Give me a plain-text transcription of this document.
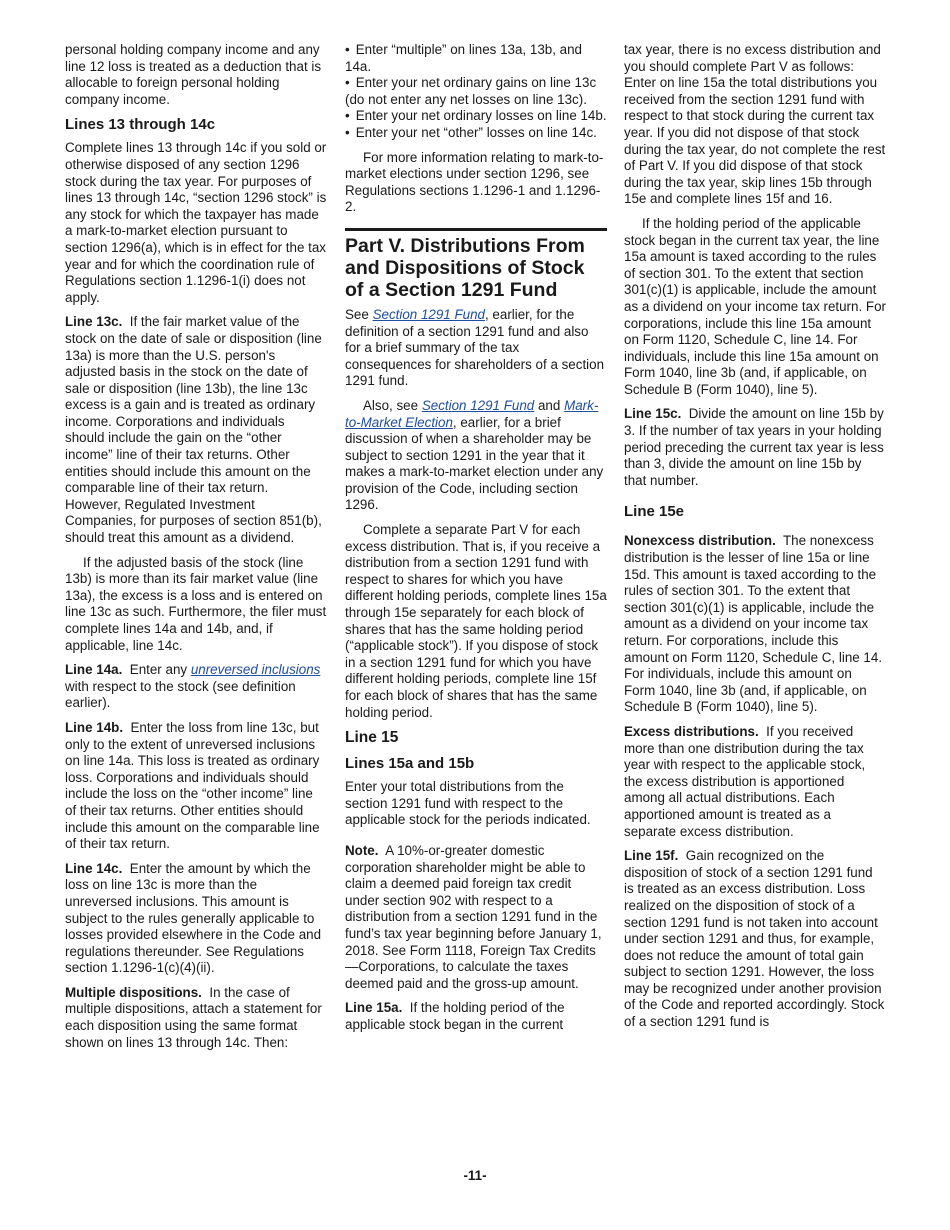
personal holding company income and any line 12 loss is treated as a deduction that is allocable to foreign personal holding company income.

Lines 13 through 14c

Complete lines 13 through 14c if you sold or otherwise disposed of any section 1296 stock during the tax year. For purposes of lines 13 through 14c, “section 1296 stock” is any stock for which the taxpayer has made a mark-to-market election pursuant to section 1296(a), which is in effect for the tax year and for which the coordination rule of Regulations section 1.1296-1(i) does not apply.

Line 13c. If the fair market value of the stock on the date of sale or disposition (line 13a) is more than the U.S. person's adjusted basis in the stock on the date of sale or disposition (line 13b), the line 13c excess is a gain and is treated as ordinary income. Corporations and individuals should include the gain on the “other income” line of their tax returns. Other entities should include this amount on the comparable line of their tax return. However, Regulated Investment Companies, for purposes of section 851(b), should treat this amount as a dividend.

If the adjusted basis of the stock (line 13b) is more than its fair market value (line 13a), the excess is a loss and is entered on line 13c as such. Furthermore, the filer must complete lines 14a and 14b, and, if applicable, line 14c.

Line 14a. Enter any unreversed inclusions with respect to the stock (see definition earlier).

Line 14b. Enter the loss from line 13c, but only to the extent of unreversed inclusions on line 14a. This loss is treated as ordinary loss. Corporations and individuals should include the loss on the “other income” line of their tax returns. Other entities should include this amount on the comparable line of their tax return.

Line 14c. Enter the amount by which the loss on line 13c is more than the unreversed inclusions. This amount is subject to the rules generally applicable to losses provided elsewhere in the Code and regulations thereunder. See Regulations section 1.1296-1(c)(4)(ii).

Multiple dispositions. In the case of multiple dispositions, attach a statement for each disposition using the same format shown on lines 13 through 14c. Then:

• Enter “multiple” on lines 13a, 13b, and 14a.
• Enter your net ordinary gains on line 13c (do not enter any net losses on line 13c).
• Enter your net ordinary losses on line 14b.
• Enter your net “other” losses on line 14c.

For more information relating to mark-to-market elections under section 1296, see Regulations sections 1.1296-1 and 1.1296-2.

Part V. Distributions From and Dispositions of Stock of a Section 1291 Fund

See Section 1291 Fund, earlier, for the definition of a section 1291 fund and also for a brief summary of the tax consequences for shareholders of a section 1291 fund.

Also, see Section 1291 Fund and Mark-to-Market Election, earlier, for a brief discussion of when a shareholder may be subject to section 1291 in the year that it makes a mark-to-market election under any provision of the Code, including section 1296.

Complete a separate Part V for each excess distribution. That is, if you receive a distribution from a section 1291 fund with respect to shares for which you have different holding periods, complete lines 15a through 15e separately for each block of shares that has the same holding period (“applicable stock”). If you dispose of stock in a section 1291 fund for which you have different holding periods, complete line 15f for each block of shares that has the same holding period.

Line 15
Lines 15a and 15b

Enter your total distributions from the section 1291 fund with respect to the applicable stock for the periods indicated.

Note. A 10%-or-greater domestic corporation shareholder might be able to claim a deemed paid foreign tax credit under section 902 with respect to a distribution from a section 1291 fund in the fund’s tax year beginning before January 1, 2018. See Form 1118, Foreign Tax Credits—Corporations, to calculate the taxes deemed paid and the gross-up amount.

Line 15a. If the holding period of the applicable stock began in the current

tax year, there is no excess distribution and you should complete Part V as follows: Enter on line 15a the total distributions you received from the section 1291 fund with respect to that stock during the current tax year. If you did not dispose of that stock during the tax year, do not complete the rest of Part V. If you did dispose of that stock during the tax year, skip lines 15b through 15e and complete lines 15f and 16.

If the holding period of the applicable stock began in the current tax year, the line 15a amount is taxed according to the rules of section 301. To the extent that section 301(c)(1) is applicable, include the amount as a dividend on your income tax return. For corporations, include this line 15a amount on Form 1120, Schedule C, line 14. For individuals, include this line 15a amount on Form 1040, line 3b (and, if applicable, on Schedule B (Form 1040), line 5).

Line 15c. Divide the amount on line 15b by 3. If the number of tax years in your holding period preceding the current tax year is less than 3, divide the amount on line 15b by that number.

Line 15e

Nonexcess distribution. The nonexcess distribution is the lesser of line 15a or line 15d. This amount is taxed according to the rules of section 301. To the extent that section 301(c)(1) is applicable, include the amount as a dividend on your income tax return. For corporations, include this amount on Form 1120, Schedule C, line 14. For individuals, include this amount on Form 1040, line 3b (and, if applicable, on Schedule B (Form 1040), line 5).

Excess distributions. If you received more than one distribution during the tax year with respect to the applicable stock, the excess distribution is apportioned among all actual distributions. Each apportioned amount is treated as a separate excess distribution.

Line 15f. Gain recognized on the disposition of stock of a section 1291 fund is treated as an excess distribution. Loss realized on the disposition of stock of a section 1291 fund is not taken into account under section 1291 and thus, for example, does not reduce the amount of total gain subject to section 1291. However, the loss may be recognized under another provision of the Code and reported accordingly. Stock of a section 1291 fund is

-11-
